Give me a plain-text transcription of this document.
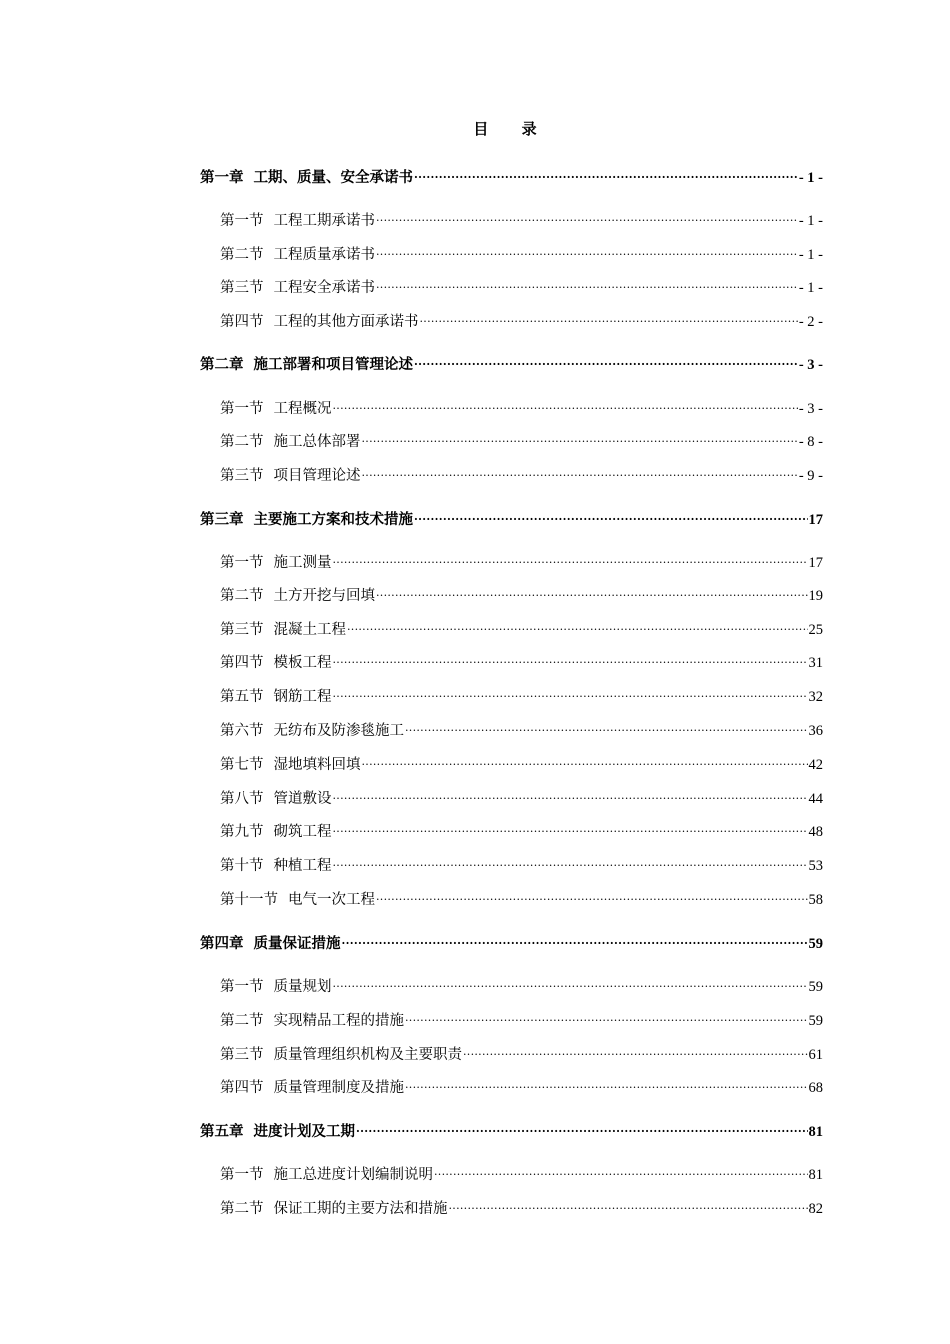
目 录
第一章 工期、质量、安全承诺书 .....	- 1 -
第一节 工程工期承诺书 .....	- 1 -
第二节 工程质量承诺书 .....	- 1 -
第三节 工程安全承诺书 .....	- 1 -
第四节 工程的其他方面承诺书 .....	- 2 -
第二章 施工部署和项目管理论述 .....	- 3 -
第一节 工程概况 .....	- 3 -
第二节 施工总体部署 .....	- 8 -
第三节 项目管理论述 .....	- 9 -
第三章 主要施工方案和技术措施 .....	17
第一节 施工测量 .....	17
第二节 土方开挖与回填 .....	19
第三节 混凝土工程 .....	25
第四节 模板工程 .....	31
第五节 钢筋工程 .....	32
第六节 无纺布及防渗毯施工 .....	36
第七节 湿地填料回填 .....	42
第八节 管道敷设 .....	44
第九节 砌筑工程 .....	48
第十节 种植工程 .....	53
第十一节 电气一次工程 .....	58
第四章 质量保证措施 .....	59
第一节 质量规划 .....	59
第二节 实现精品工程的措施 .....	59
第三节 质量管理组织机构及主要职责 .....	61
第四节 质量管理制度及措施 .....	68
第五章 进度计划及工期 .....	81
第一节 施工总进度计划编制说明 .....	81
第二节 保证工期的主要方法和措施 .....	82
